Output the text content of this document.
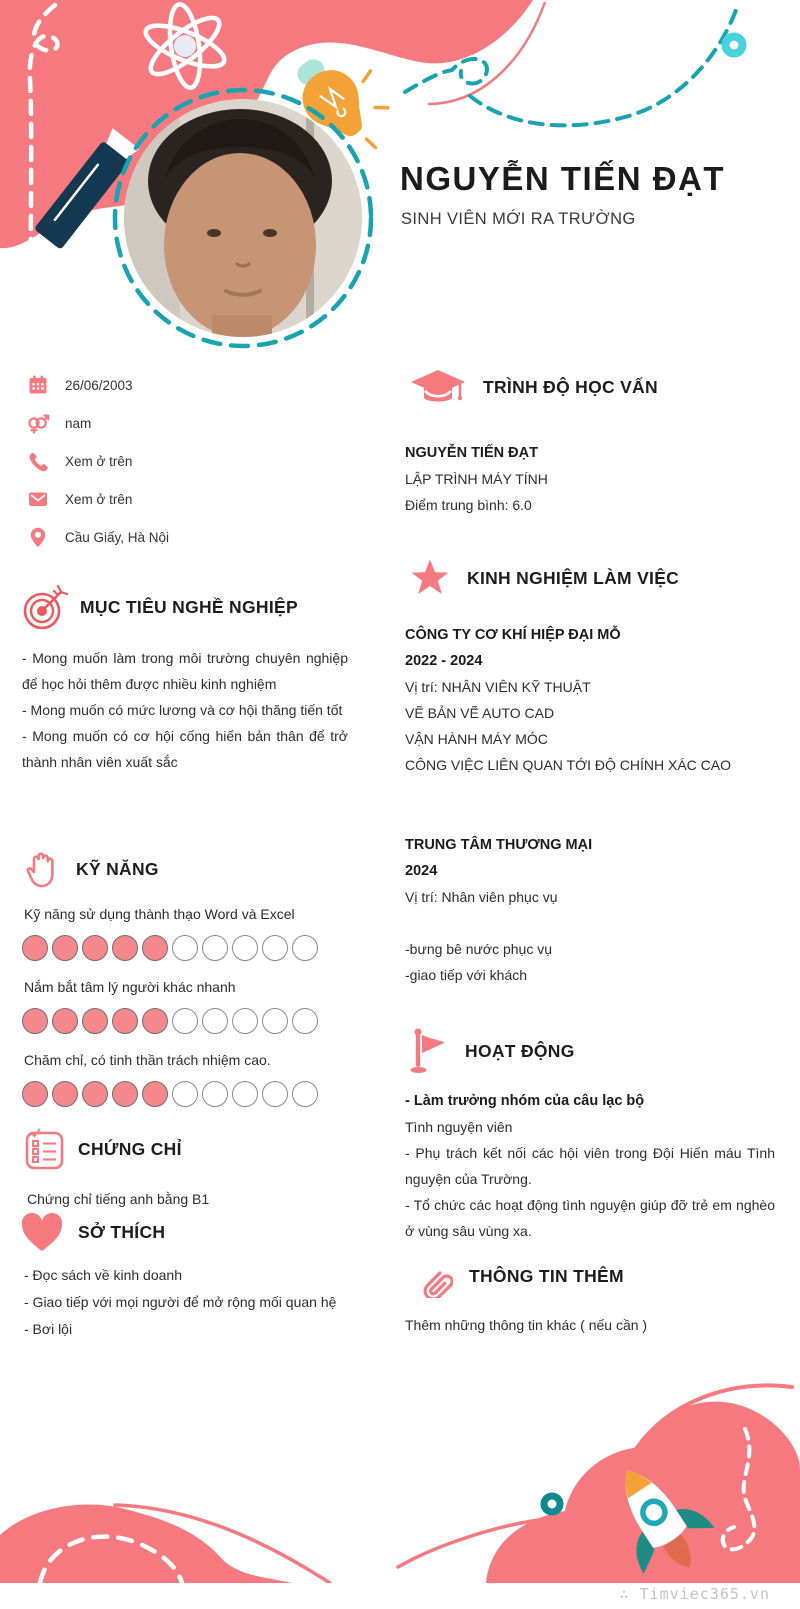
NGUYỄN TIẾN ĐẠT
SINH VIÊN MỚI RA TRƯỜNG
26/06/2003
nam
Xem ở trên
Xem ở trên
Cầu Giấy, Hà Nội
MỤC TIÊU NGHỀ NGHIỆP

- Mong muốn làm trong môi trường chuyên nghiệp để học hỏi thêm được nhiều kinh nghiệm

- Mong muốn có mức lương và cơ hội thăng tiến tốt

- Mong muốn có cơ hội cống hiến bản thân để trở thành nhân viên xuất sắc

KỸ NĂNG

Kỹ năng sử dụng thành thạo Word và Excel

Nắm bắt tâm lý người khác nhanh

Chăm chỉ, có tinh thần trách nhiệm cao.

CHỨNG CHỈ

Chứng chỉ tiếng anh bằng B1

SỞ THÍCH

- Đọc sách về kinh doanh

- Giao tiếp với mọi người để mở rộng mối quan hệ

- Bơi lội

TRÌNH ĐỘ HỌC VẤN

NGUYỄN TIẾN ĐẠT

LẬP TRÌNH MÁY TÍNH

Điểm trung bình: 6.0

KINH NGHIỆM LÀM VIỆC

CÔNG TY CƠ KHÍ HIỆP ĐẠI MỖ

2022 - 2024

Vị trí: NHÂN VIÊN KỸ THUẬT

VẼ BẢN VẼ AUTO CAD

VẬN HÀNH MÁY MÓC

CÔNG VIỆC LIÊN QUAN TỚI ĐỘ CHÍNH XÁC CAO

TRUNG TÂM THƯƠNG MẠI

2024

Vị trí: Nhân viên phục vụ

-bưng bê nước phục vụ

-giao tiếp với khách

HOẠT ĐỘNG

- Làm trưởng nhóm của câu lạc bộ

Tình nguyện viên

- Phụ trách kết nối các hội viên trong Đội Hiến máu Tình nguyện của Trường.

- Tổ chức các hoạt động tình nguyện giúp đỡ trẻ em nghèo ở vùng sâu vùng xa.

THÔNG TIN THÊM

Thêm những thông tin khác ( nếu cần )

∴ Timviec365.vn
